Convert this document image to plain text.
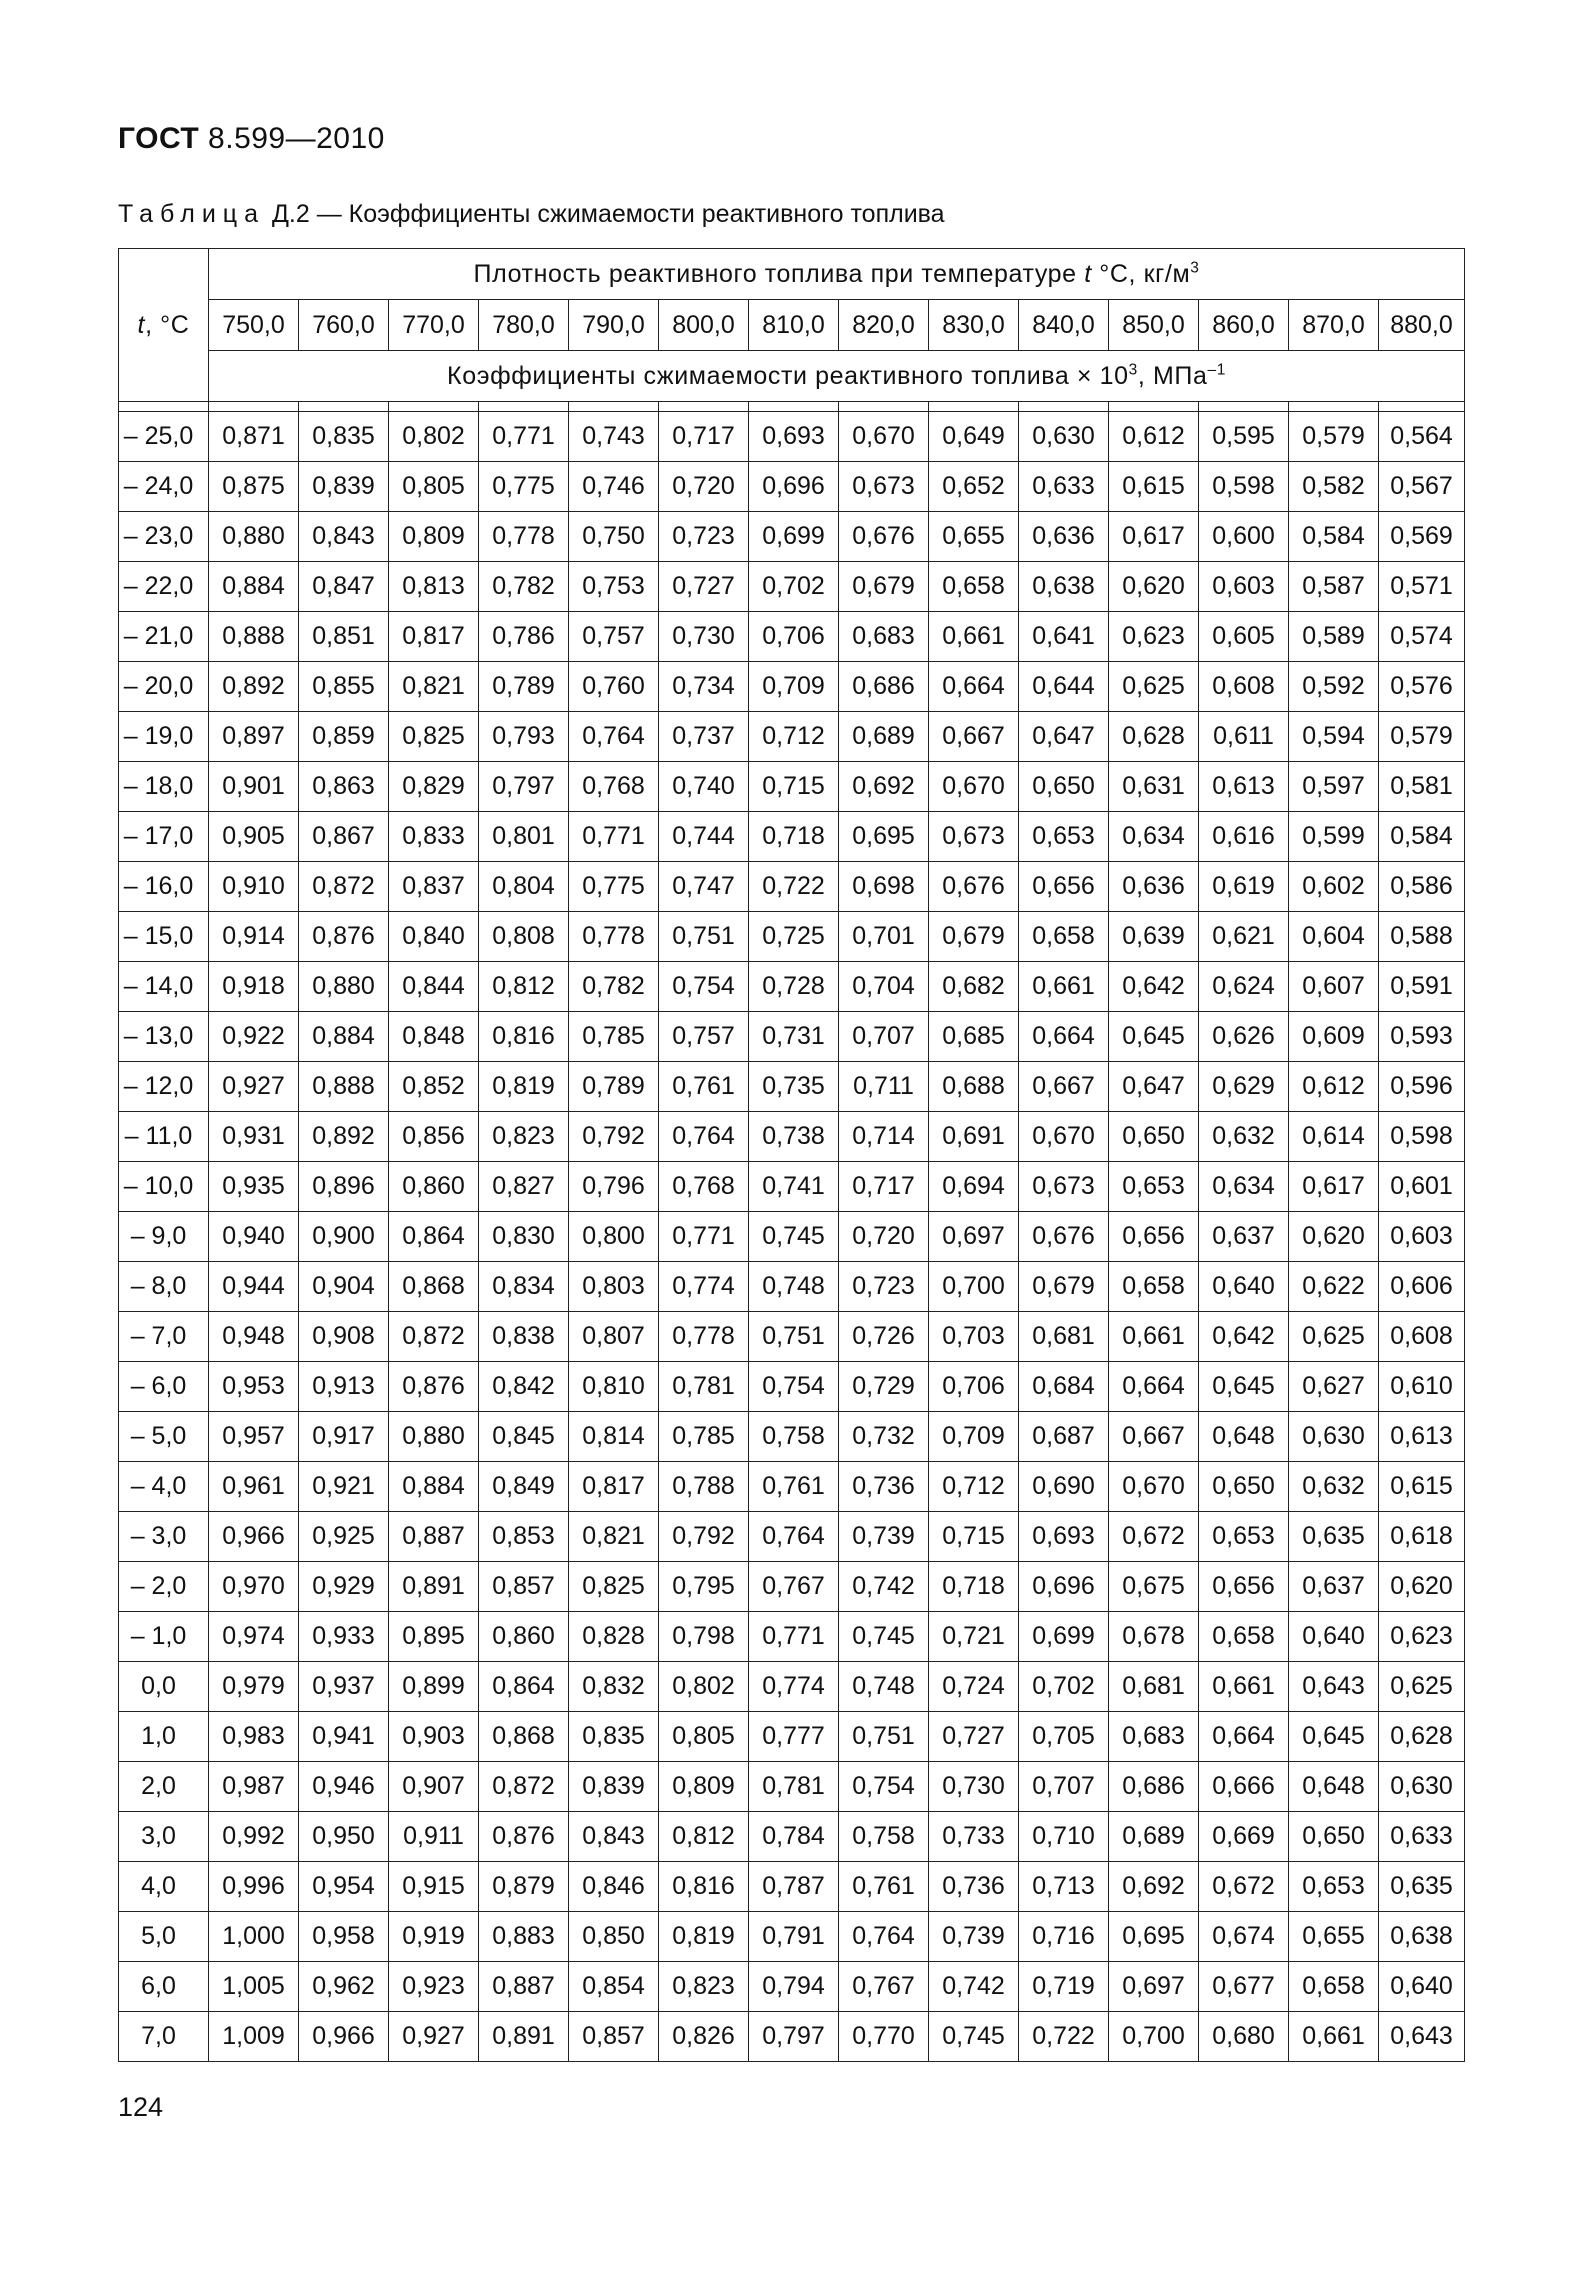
ГОСТ 8.599—2010
Таблица Д.2 — Коэффициенты сжимаемости реактивного топлива
t, °C	Плотность реактивного топлива при температуре t °C, $кг/м^3$
	750,0	760,0	770,0	780,0	790,0	800,0	810,0	820,0	830,0	840,0	850,0	860,0	870,0	880,0
	Коэффициенты сжимаемости реактивного топлива × $10^3$, МПа$^{-1}$

– 25,0	0,871	0,835	0,802	0,771	0,743	0,717	0,693	0,670	0,649	0,630	0,612	0,595	0,579	0,564
– 24,0	0,875	0,839	0,805	0,775	0,746	0,720	0,696	0,673	0,652	0,633	0,615	0,598	0,582	0,567
– 23,0	0,880	0,843	0,809	0,778	0,750	0,723	0,699	0,676	0,655	0,636	0,617	0,600	0,584	0,569
– 22,0	0,884	0,847	0,813	0,782	0,753	0,727	0,702	0,679	0,658	0,638	0,620	0,603	0,587	0,571
– 21,0	0,888	0,851	0,817	0,786	0,757	0,730	0,706	0,683	0,661	0,641	0,623	0,605	0,589	0,574
– 20,0	0,892	0,855	0,821	0,789	0,760	0,734	0,709	0,686	0,664	0,644	0,625	0,608	0,592	0,576
– 19,0	0,897	0,859	0,825	0,793	0,764	0,737	0,712	0,689	0,667	0,647	0,628	0,611	0,594	0,579
– 18,0	0,901	0,863	0,829	0,797	0,768	0,740	0,715	0,692	0,670	0,650	0,631	0,613	0,597	0,581
– 17,0	0,905	0,867	0,833	0,801	0,771	0,744	0,718	0,695	0,673	0,653	0,634	0,616	0,599	0,584
– 16,0	0,910	0,872	0,837	0,804	0,775	0,747	0,722	0,698	0,676	0,656	0,636	0,619	0,602	0,586
– 15,0	0,914	0,876	0,840	0,808	0,778	0,751	0,725	0,701	0,679	0,658	0,639	0,621	0,604	0,588
– 14,0	0,918	0,880	0,844	0,812	0,782	0,754	0,728	0,704	0,682	0,661	0,642	0,624	0,607	0,591
– 13,0	0,922	0,884	0,848	0,816	0,785	0,757	0,731	0,707	0,685	0,664	0,645	0,626	0,609	0,593
– 12,0	0,927	0,888	0,852	0,819	0,789	0,761	0,735	0,711	0,688	0,667	0,647	0,629	0,612	0,596
– 11,0	0,931	0,892	0,856	0,823	0,792	0,764	0,738	0,714	0,691	0,670	0,650	0,632	0,614	0,598
– 10,0	0,935	0,896	0,860	0,827	0,796	0,768	0,741	0,717	0,694	0,673	0,653	0,634	0,617	0,601
– 9,0	0,940	0,900	0,864	0,830	0,800	0,771	0,745	0,720	0,697	0,676	0,656	0,637	0,620	0,603
– 8,0	0,944	0,904	0,868	0,834	0,803	0,774	0,748	0,723	0,700	0,679	0,658	0,640	0,622	0,606
– 7,0	0,948	0,908	0,872	0,838	0,807	0,778	0,751	0,726	0,703	0,681	0,661	0,642	0,625	0,608
– 6,0	0,953	0,913	0,876	0,842	0,810	0,781	0,754	0,729	0,706	0,684	0,664	0,645	0,627	0,610
– 5,0	0,957	0,917	0,880	0,845	0,814	0,785	0,758	0,732	0,709	0,687	0,667	0,648	0,630	0,613
– 4,0	0,961	0,921	0,884	0,849	0,817	0,788	0,761	0,736	0,712	0,690	0,670	0,650	0,632	0,615
– 3,0	0,966	0,925	0,887	0,853	0,821	0,792	0,764	0,739	0,715	0,693	0,672	0,653	0,635	0,618
– 2,0	0,970	0,929	0,891	0,857	0,825	0,795	0,767	0,742	0,718	0,696	0,675	0,656	0,637	0,620
– 1,0	0,974	0,933	0,895	0,860	0,828	0,798	0,771	0,745	0,721	0,699	0,678	0,658	0,640	0,623
0,0	0,979	0,937	0,899	0,864	0,832	0,802	0,774	0,748	0,724	0,702	0,681	0,661	0,643	0,625
1,0	0,983	0,941	0,903	0,868	0,835	0,805	0,777	0,751	0,727	0,705	0,683	0,664	0,645	0,628
2,0	0,987	0,946	0,907	0,872	0,839	0,809	0,781	0,754	0,730	0,707	0,686	0,666	0,648	0,630
3,0	0,992	0,950	0,911	0,876	0,843	0,812	0,784	0,758	0,733	0,710	0,689	0,669	0,650	0,633
4,0	0,996	0,954	0,915	0,879	0,846	0,816	0,787	0,761	0,736	0,713	0,692	0,672	0,653	0,635
5,0	1,000	0,958	0,919	0,883	0,850	0,819	0,791	0,764	0,739	0,716	0,695	0,674	0,655	0,638
6,0	1,005	0,962	0,923	0,887	0,854	0,823	0,794	0,767	0,742	0,719	0,697	0,677	0,658	0,640
7,0	1,009	0,966	0,927	0,891	0,857	0,826	0,797	0,770	0,745	0,722	0,700	0,680	0,661	0,643
124
